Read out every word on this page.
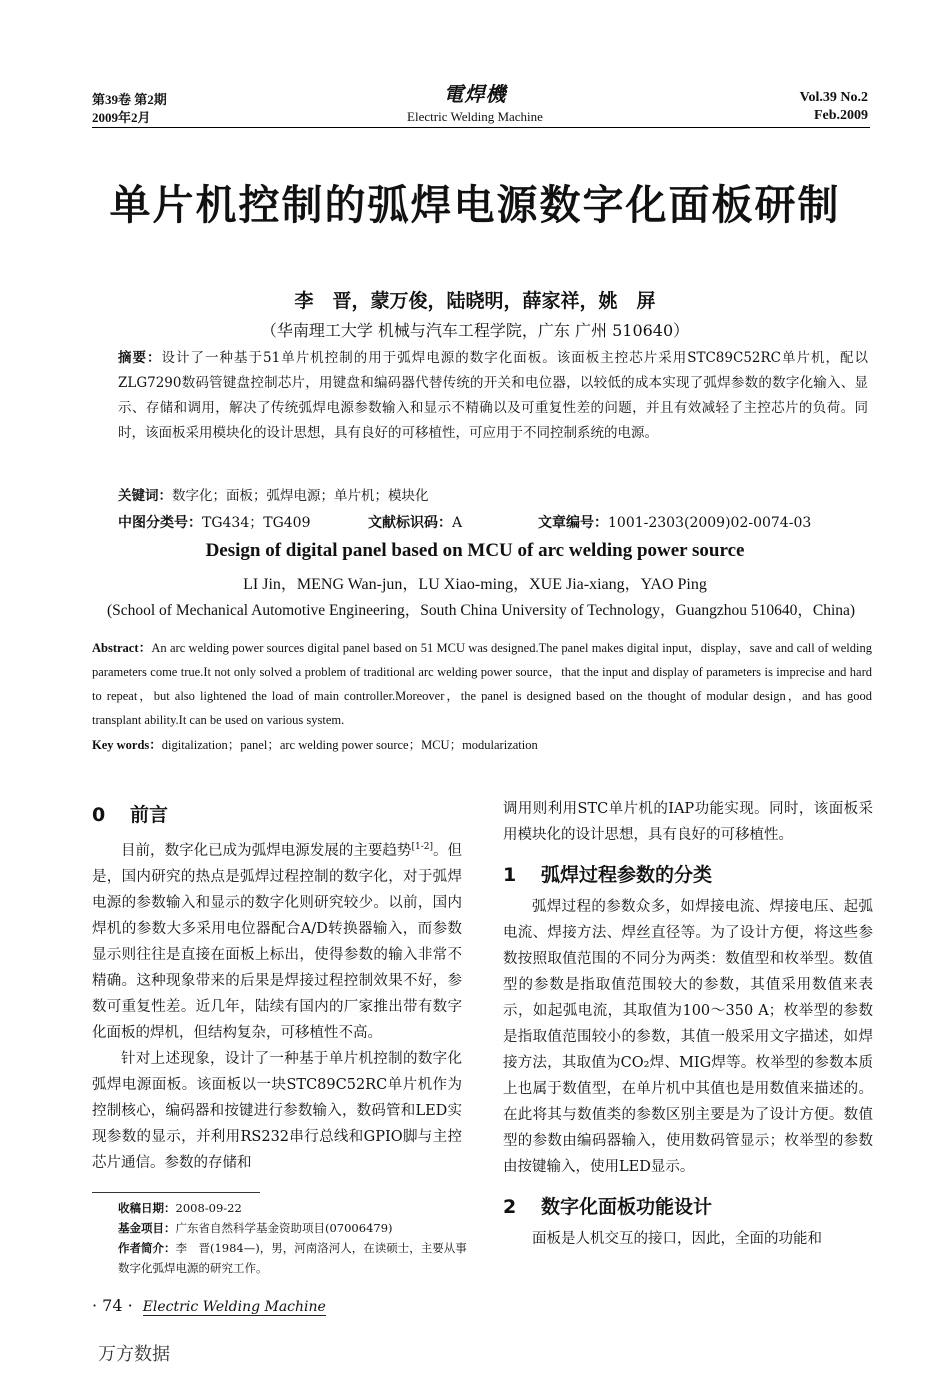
第39卷 第2期
2009年2月
電焊機
Electric Welding Machine
Vol.39 No.2
Feb.2009
单片机控制的弧焊电源数字化面板研制
李　晋，蒙万俊，陆晓明，薛家祥，姚　屏
（华南理工大学 机械与汽车工程学院，广东 广州 510640）
摘要：设计了一种基于51单片机控制的用于弧焊电源的数字化面板。该面板主控芯片采用STC89C52RC单片机，配以ZLG7290数码管键盘控制芯片，用键盘和编码器代替传统的开关和电位器，以较低的成本实现了弧焊参数的数字化输入、显示、存储和调用，解决了传统弧焊电源参数输入和显示不精确以及可重复性差的问题，并且有效减轻了主控芯片的负荷。同时，该面板采用模块化的设计思想，具有良好的可移植性，可应用于不同控制系统的电源。
关键词：数字化；面板；弧焊电源；单片机；模块化
中图分类号：TG434；TG409	文献标识码：A	文章编号：1001-2303(2009)02-0074-03
Design of digital panel based on MCU of arc welding power source
LI Jin，MENG Wan-jun，LU Xiao-ming，XUE Jia-xiang，YAO Ping
(School of Mechanical Automotive Engineering，South China University of Technology，Guangzhou 510640，China)
Abstract：An arc welding power sources digital panel based on 51 MCU was designed.The panel makes digital input，display，save and call of welding parameters come true.It not only solved a problem of traditional arc welding power source，that the input and display of parameters is imprecise and hard to repeat，but also lightened the load of main controller.Moreover，the panel is designed based on the thought of modular design，and has good transplant ability.It can be used on various system.
Key words：digitalization；panel；arc welding power source；MCU；modularization
0 前言

目前，数字化已成为弧焊电源发展的主要趋势[1-2]。但是，国内研究的热点是弧焊过程控制的数字化，对于弧焊电源的参数输入和显示的数字化则研究较少。以前，国内焊机的参数大多采用电位器配合A/D转换器输入，而参数显示则往往是直接在面板上标出，使得参数的输入非常不精确。这种现象带来的后果是焊接过程控制效果不好，参数可重复性差。近几年，陆续有国内的厂家推出带有数字化面板的焊机，但结构复杂，可移植性不高。

针对上述现象，设计了一种基于单片机控制的数字化弧焊电源面板。该面板以一块STC89C52RC单片机作为控制核心，编码器和按键进行参数输入，数码管和LED实现参数的显示，并利用RS232串行总线和GPIO脚与主控芯片通信。参数的存储和

调用则利用STC单片机的IAP功能实现。同时，该面板采用模块化的设计思想，具有良好的可移植性。

1 弧焊过程参数的分类

弧焊过程的参数众多，如焊接电流、焊接电压、起弧电流、焊接方法、焊丝直径等。为了设计方便，将这些参数按照取值范围的不同分为两类：数值型和枚举型。数值型的参数是指取值范围较大的参数，其值采用数值来表示，如起弧电流，其取值为100～350 A；枚举型的参数是指取值范围较小的参数，其值一般采用文字描述，如焊接方法，其取值为CO₂焊、MIG焊等。枚举型的参数本质上也属于数值型，在单片机中其值也是用数值来描述的。在此将其与数值类的参数区别主要是为了设计方便。数值型的参数由编码器输入，使用数码管显示；枚举型的参数由按键输入，使用LED显示。

2 数字化面板功能设计

面板是人机交互的接口，因此，全面的功能和

收稿日期：2008-09-22
基金项目：广东省自然科学基金资助项目(07006479)
作者简介：李　晋(1984—)，男，河南洛河人，在读硕士，主要从事数字化弧焊电源的研究工作。
· 74 · Electric Welding Machine
万方数据
